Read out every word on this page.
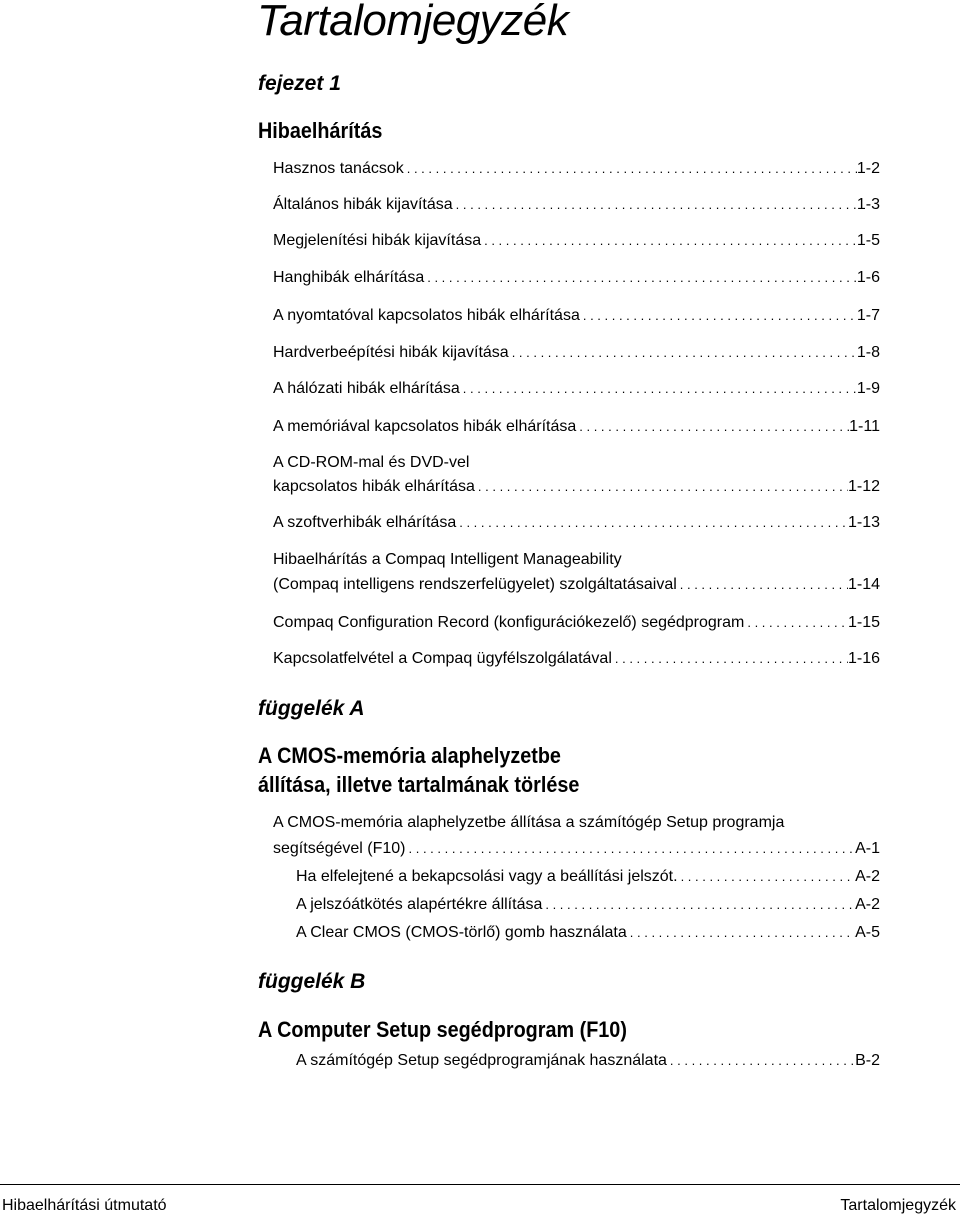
Tartalomjegyzék
fejezet 1
Hibaelhárítás
Hasznos tanácsok . . .	1-2
Általános hibák kijavítása . . .	1-3
Megjelenítési hibák kijavítása . . .	1-5
Hanghibák elhárítása . . .	1-6
A nyomtatóval kapcsolatos hibák elhárítása . . .	1-7
Hardverbeépítési hibák kijavítása . . .	1-8
A hálózati hibák elhárítása . . .	1-9
A memóriával kapcsolatos hibák elhárítása . . .	1-11
A CD-ROM-mal és DVD-vel
kapcsolatos hibák elhárítása . . .	1-12
A szoftverhibák elhárítása . . .	1-13
Hibaelhárítás a Compaq Intelligent Manageability
(Compaq intelligens rendszerfelügyelet) szolgáltatásaival . . .	1-14
Compaq Configuration Record (konfigurációkezelő) segédprogram . . .	1-15
Kapcsolatfelvétel a Compaq ügyfélszolgálatával . . .	1-16
függelék A
A CMOS-memória alaphelyzetbe
állítása, illetve tartalmának törlése
A CMOS-memória alaphelyzetbe állítása a számítógép Setup programja
segítségével (F10) . . .	A-1
Ha elfelejtené a bekapcsolási vagy a beállítási jelszót. . . .	A-2
A jelszóátkötés alapértékre állítása . . .	A-2
A Clear CMOS (CMOS-törlő) gomb használata . . .	A-5
függelék B
A Computer Setup segédprogram (F10)
A számítógép Setup segédprogramjának használata . . .	B-2
Hibaelhárítási útmutató	Tartalomjegyzék
